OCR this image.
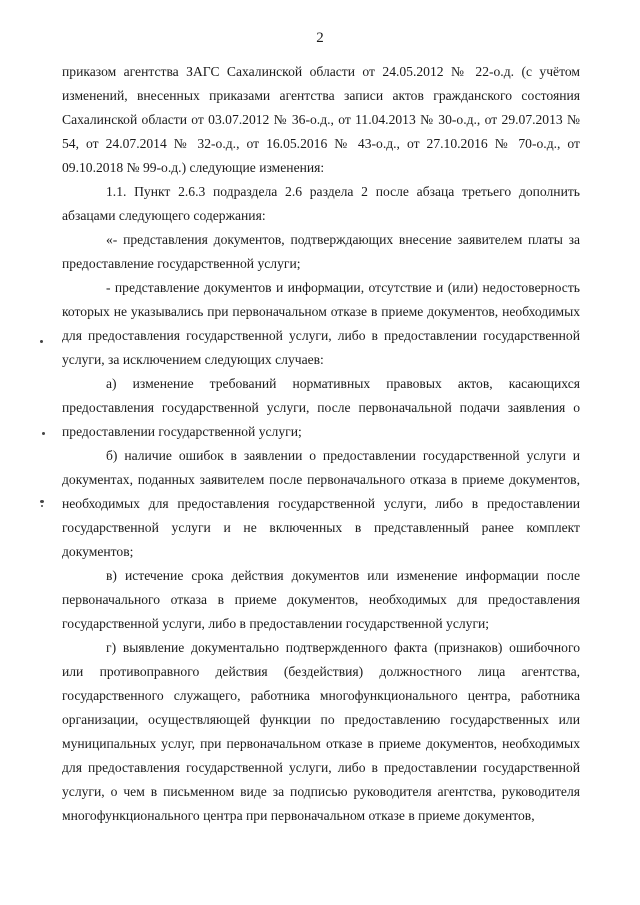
2

приказом агентства ЗАГС Сахалинской области от 24.05.2012 № 22-о.д. (с учётом изменений, внесенных приказами агентства записи актов гражданского состояния Сахалинской области от 03.07.2012 № 36-о.д., от 11.04.2013 № 30-о.д., от 29.07.2013 № 54, от 24.07.2014 № 32-о.д., от 16.05.2016 № 43-о.д., от 27.10.2016 № 70-о.д., от 09.10.2018 № 99-о.д.) следующие изменения:

1.1. Пункт 2.6.3 подраздела 2.6 раздела 2 после абзаца третьего дополнить абзацами следующего содержания:

«- представления документов, подтверждающих внесение заявителем платы за предоставление государственной услуги;

- представление документов и информации, отсутствие и (или) недостоверность которых не указывались при первоначальном отказе в приеме документов, необходимых для предоставления государственной услуги, либо в предоставлении государственной услуги, за исключением следующих случаев:

а) изменение требований нормативных правовых актов, касающихся предоставления государственной услуги, после первоначальной подачи заявления о предоставлении государственной услуги;

б) наличие ошибок в заявлении о предоставлении государственной услуги и документах, поданных заявителем после первоначального отказа в приеме документов, необходимых для предоставления государственной услуги, либо в предоставлении государственной услуги и не включенных в представленный ранее комплект документов;

в) истечение срока действия документов или изменение информации после первоначального отказа в приеме документов, необходимых для предоставления государственной услуги, либо в предоставлении государственной услуги;

г) выявление документально подтвержденного факта (признаков) ошибочного или противоправного действия (бездействия) должностного лица агентства, государственного служащего, работника многофункционального центра, работника организации, осуществляющей функции по предоставлению государственных или муниципальных услуг, при первоначальном отказе в приеме документов, необходимых для предоставления государственной услуги, либо в предоставлении государственной услуги, о чем в письменном виде за подписью руководителя агентства, руководителя многофункционального центра при первоначальном отказе в приеме документов,
